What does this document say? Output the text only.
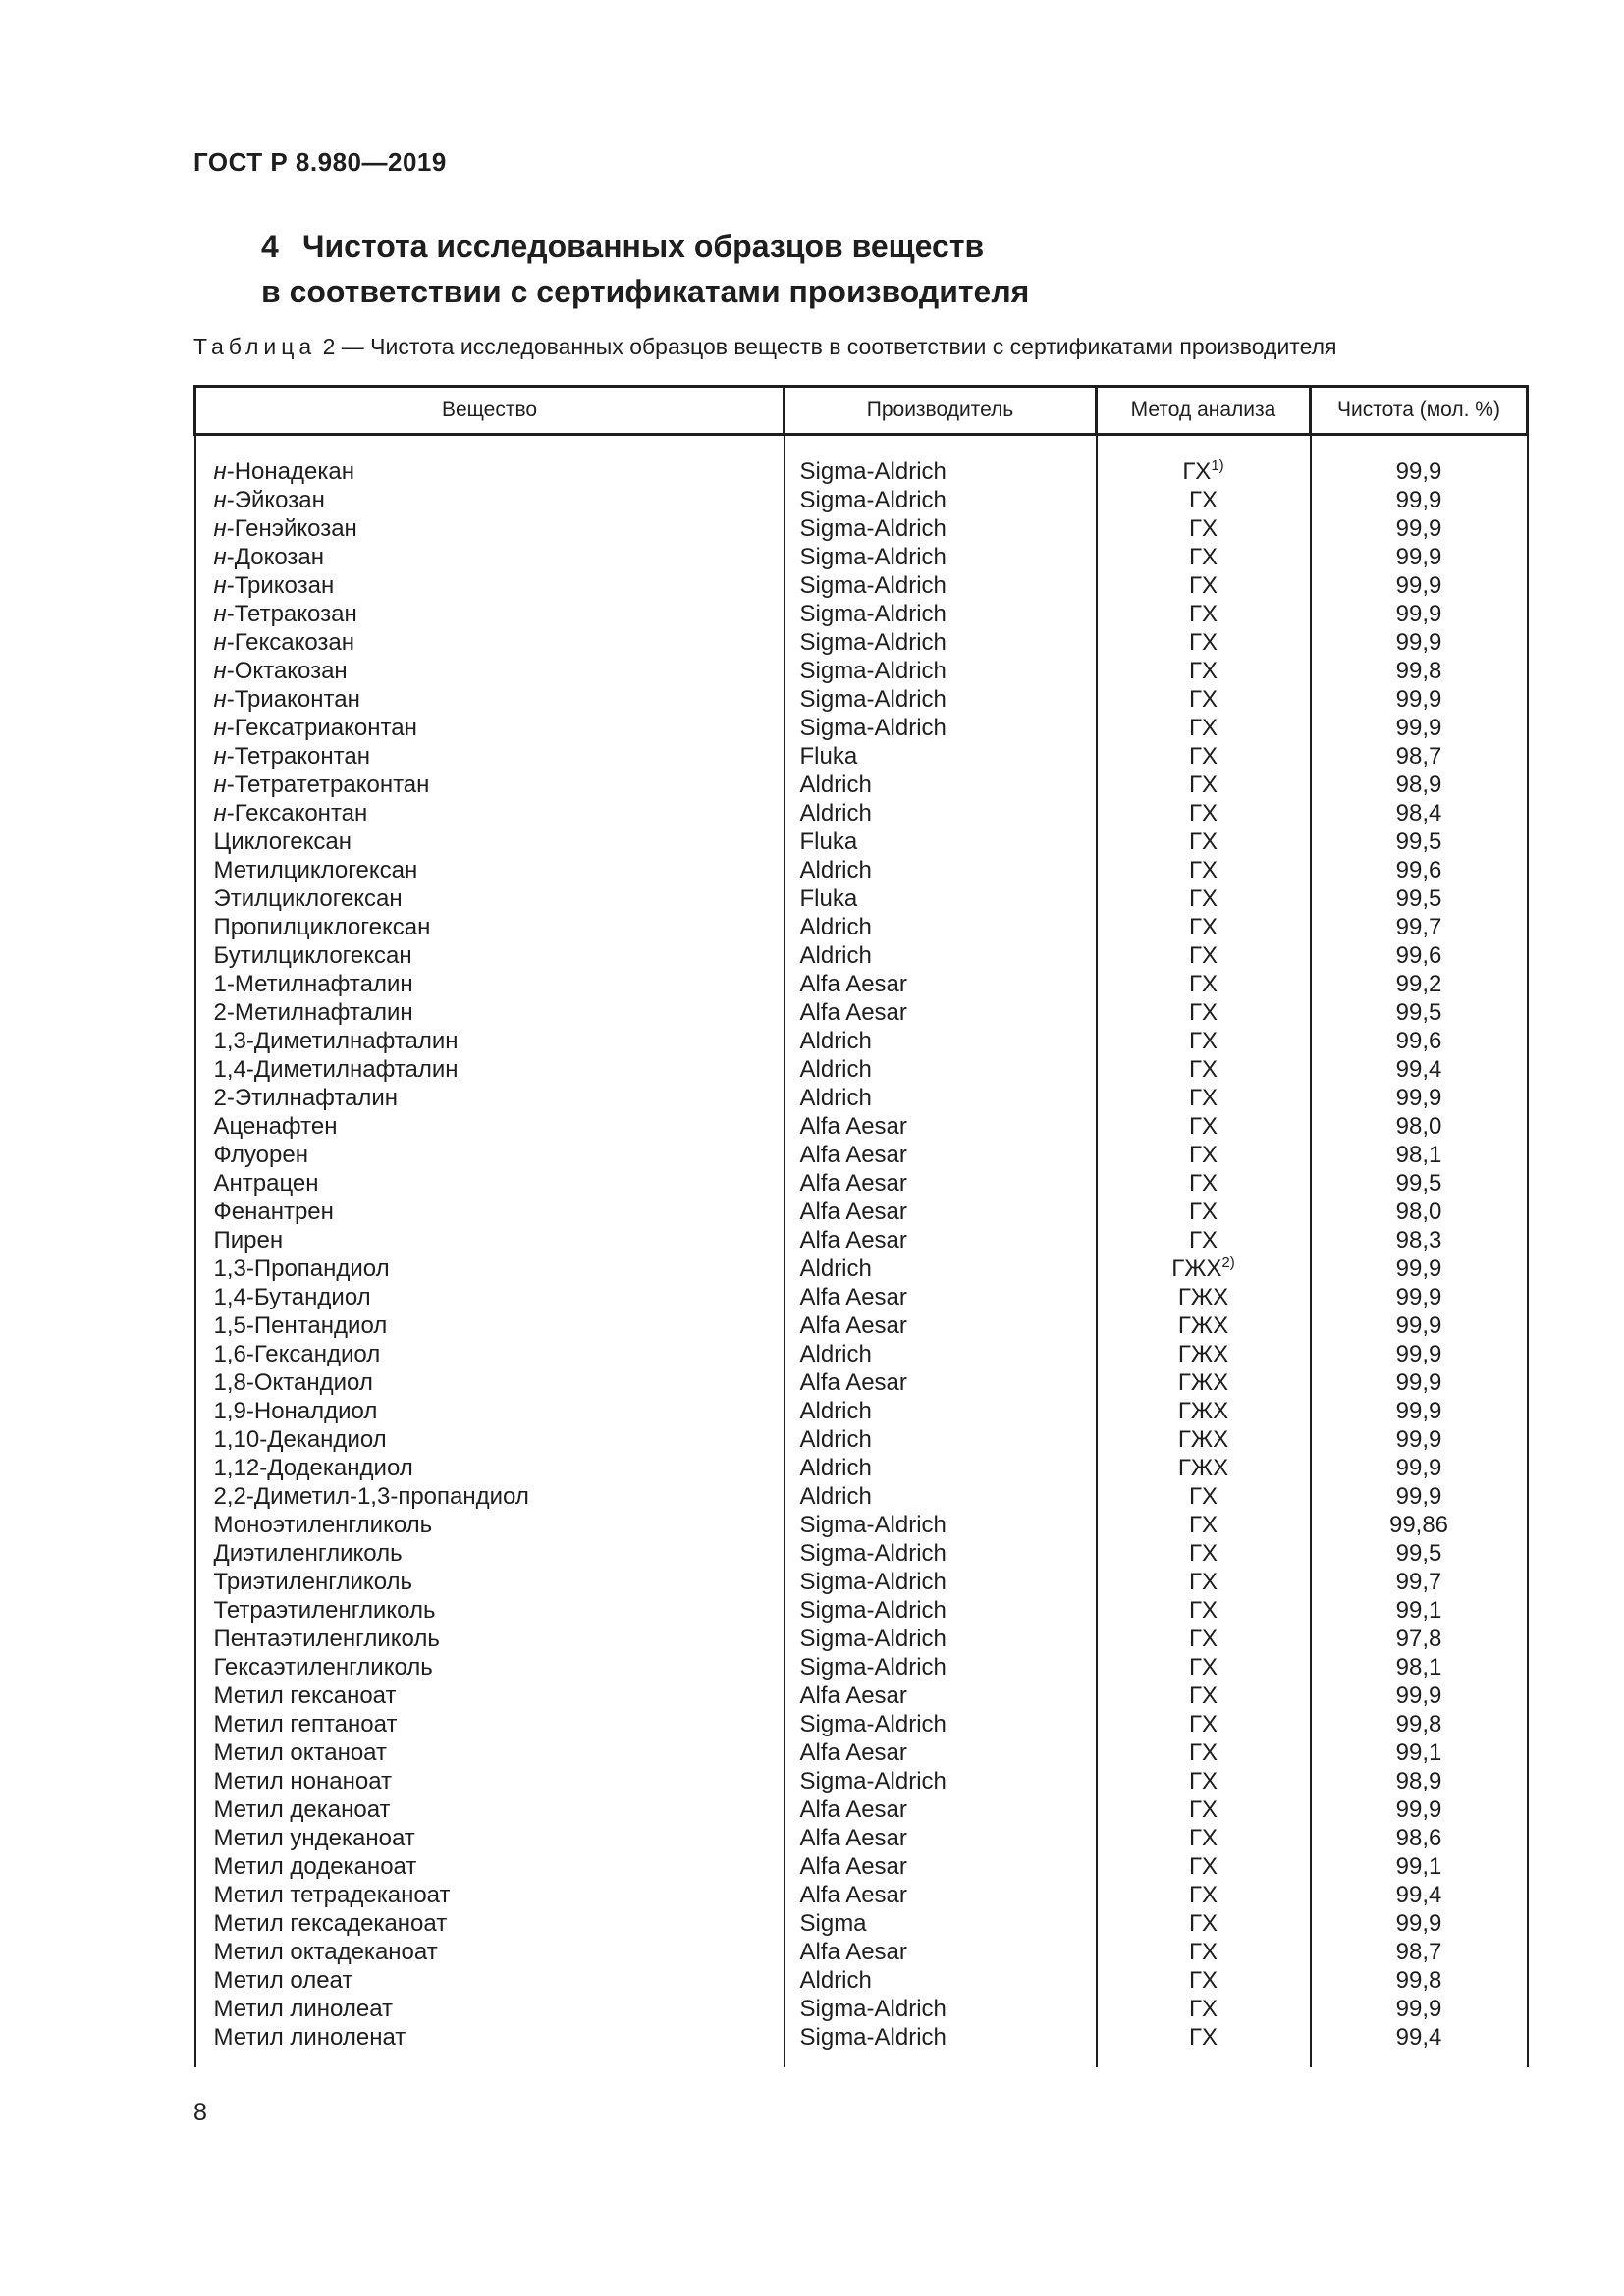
ГОСТ Р 8.980—2019
4 Чистота исследованных образцов веществ
в соответствии с сертификатами производителя
Таблица 2 — Чистота исследованных образцов веществ в соответствии с сертификатами производителя
Вещество	Производитель	Метод анализа	Чистота (мол. %)
н-Нонадекан	Sigma-Aldrich	ГХ$^{1)}$	99,9
н-Эйкозан	Sigma-Aldrich	ГХ	99,9
н-Генэйкозан	Sigma-Aldrich	ГХ	99,9
н-Докозан	Sigma-Aldrich	ГХ	99,9
н-Трикозан	Sigma-Aldrich	ГХ	99,9
н-Тетракозан	Sigma-Aldrich	ГХ	99,9
н-Гексакозан	Sigma-Aldrich	ГХ	99,9
н-Октакозан	Sigma-Aldrich	ГХ	99,8
н-Триаконтан	Sigma-Aldrich	ГХ	99,9
н-Гексатриаконтан	Sigma-Aldrich	ГХ	99,9
н-Тетраконтан	Fluka	ГХ	98,7
н-Тетратетраконтан	Aldrich	ГХ	98,9
н-Гексаконтан	Aldrich	ГХ	98,4
Циклогексан	Fluka	ГХ	99,5
Метилциклогексан	Aldrich	ГХ	99,6
Этилциклогексан	Fluka	ГХ	99,5
Пропилциклогексан	Aldrich	ГХ	99,7
Бутилциклогексан	Aldrich	ГХ	99,6
1-Метилнафталин	Alfa Aesar	ГХ	99,2
2-Метилнафталин	Alfa Aesar	ГХ	99,5
1,3-Диметилнафталин	Aldrich	ГХ	99,6
1,4-Диметилнафталин	Aldrich	ГХ	99,4
2-Этилнафталин	Aldrich	ГХ	99,9
Аценафтен	Alfa Aesar	ГХ	98,0
Флуорен	Alfa Aesar	ГХ	98,1
Антрацен	Alfa Aesar	ГХ	99,5
Фенантрен	Alfa Aesar	ГХ	98,0
Пирен	Alfa Aesar	ГХ	98,3
1,3-Пропандиол	Aldrich	ГЖХ$^{2)}$	99,9
1,4-Бутандиол	Alfa Aesar	ГЖХ	99,9
1,5-Пентандиол	Alfa Aesar	ГЖХ	99,9
1,6-Гександиол	Aldrich	ГЖХ	99,9
1,8-Октандиол	Alfa Aesar	ГЖХ	99,9
1,9-Ноналдиол	Aldrich	ГЖХ	99,9
1,10-Декандиол	Aldrich	ГЖХ	99,9
1,12-Додекандиол	Aldrich	ГЖХ	99,9
2,2-Диметил-1,3-пропандиол	Aldrich	ГХ	99,9
Моноэтиленгликоль	Sigma-Aldrich	ГХ	99,86
Диэтиленгликоль	Sigma-Aldrich	ГХ	99,5
Триэтиленгликоль	Sigma-Aldrich	ГХ	99,7
Тетраэтиленгликоль	Sigma-Aldrich	ГХ	99,1
Пентаэтиленгликоль	Sigma-Aldrich	ГХ	97,8
Гексаэтиленгликоль	Sigma-Aldrich	ГХ	98,1
Метил гексаноат	Alfa Aesar	ГХ	99,9
Метил гептаноат	Sigma-Aldrich	ГХ	99,8
Метил октаноат	Alfa Aesar	ГХ	99,1
Метил нонаноат	Sigma-Aldrich	ГХ	98,9
Метил деканоат	Alfa Aesar	ГХ	99,9
Метил ундеканоат	Alfa Aesar	ГХ	98,6
Метил додеканоат	Alfa Aesar	ГХ	99,1
Метил тетрадеканоат	Alfa Aesar	ГХ	99,4
Метил гексадеканоат	Sigma	ГХ	99,9
Метил октадеканоат	Alfa Aesar	ГХ	98,7
Метил олеат	Aldrich	ГХ	99,8
Метил линолеат	Sigma-Aldrich	ГХ	99,9
Метил линоленат	Sigma-Aldrich	ГХ	99,4
8
